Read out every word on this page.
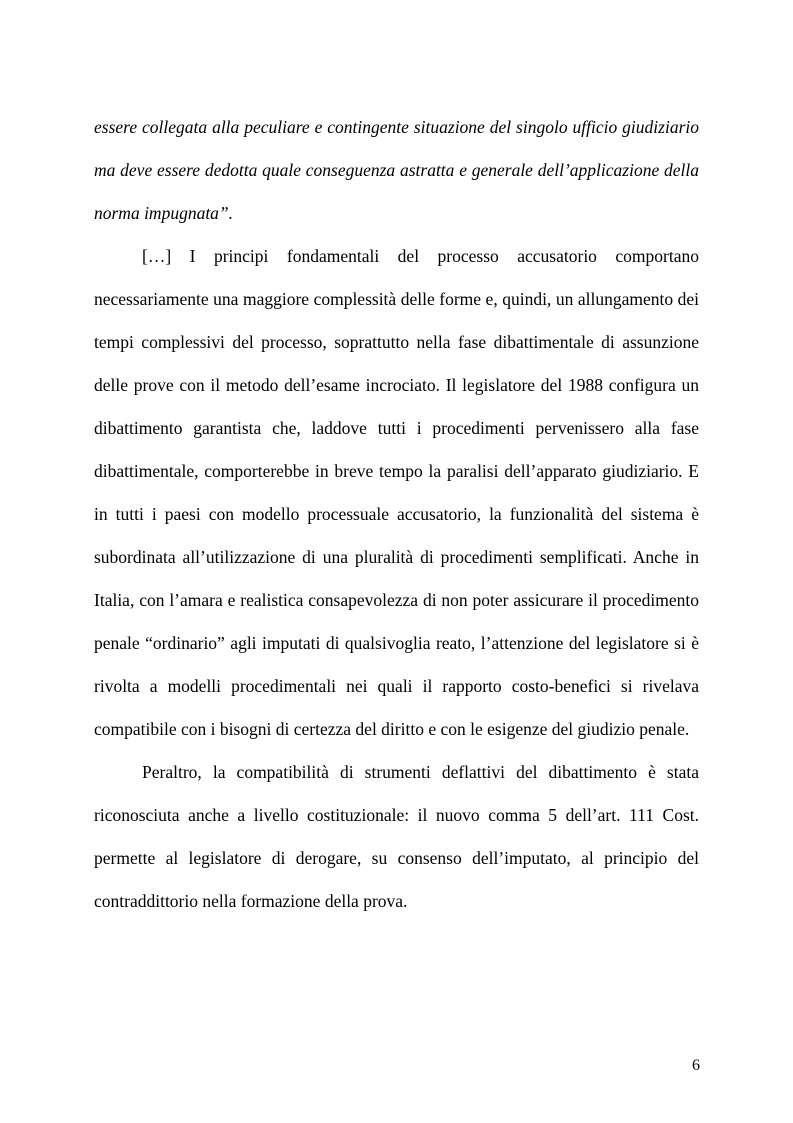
essere collegata alla peculiare e contingente situazione del singolo ufficio giudiziario ma deve essere dedotta quale conseguenza astratta e generale dell’applicazione della norma impugnata”.

[…] I principi fondamentali del processo accusatorio comportano necessariamente una maggiore complessità delle forme e, quindi, un allungamento dei tempi complessivi del processo, soprattutto nella fase dibattimentale di assunzione delle prove con il metodo dell’esame incrociato. Il legislatore del 1988 configura un dibattimento garantista che, laddove tutti i procedimenti pervenissero alla fase dibattimentale, comporterebbe in breve tempo la paralisi dell’apparato giudiziario. E in tutti i paesi con modello processuale accusatorio, la funzionalità del sistema è subordinata all’utilizzazione di una pluralità di procedimenti semplificati. Anche in Italia, con l’amara e realistica consapevolezza di non poter assicurare il procedimento penale “ordinario” agli imputati di qualsivoglia reato, l’attenzione del legislatore si è rivolta a modelli procedimentali nei quali il rapporto costo-benefici si rivelava compatibile con i bisogni di certezza del diritto e con le esigenze del giudizio penale.

Peraltro, la compatibilità di strumenti deflattivi del dibattimento è stata riconosciuta anche a livello costituzionale: il nuovo comma 5 dell’art. 111 Cost. permette al legislatore di derogare, su consenso dell’imputato, al principio del contraddittorio nella formazione della prova.

6
